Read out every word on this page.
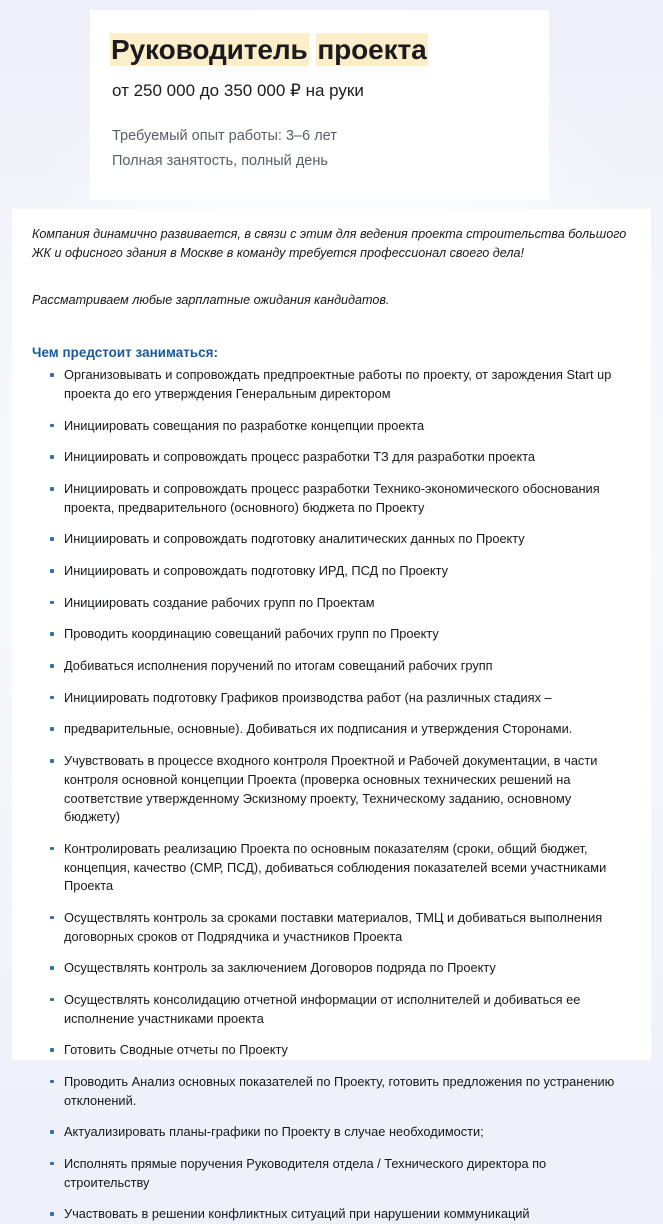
Руководитель проекта
от 250 000 до 350 000 ₽ на руки
Требуемый опыт работы: 3–6 лет
Полная занятость, полный день

Компания динамично развивается, в связи с этим для ведения проекта строительства большого ЖК и офисного здания в Москве в команду требуется профессионал своего дела!

Рассматриваем любые зарплатные ожидания кандидатов.

Чем предстоит заниматься:
Организовывать и сопровождать предпроектные работы по проекту, от зарождения Start up проекта до его утверждения Генеральным директором
Инициировать совещания по разработке концепции проекта
Инициировать и сопровождать процесс разработки ТЗ для разработки проекта
Инициировать и сопровождать процесс разработки Технико-экономического обоснования проекта, предварительного (основного) бюджета по Проекту
Инициировать и сопровождать подготовку аналитических данных по Проекту
Инициировать и сопровождать подготовку ИРД, ПСД по Проекту
Инициировать создание рабочих групп по Проектам
Проводить координацию совещаний рабочих групп по Проекту
Добиваться исполнения поручений по итогам совещаний рабочих групп
Инициировать подготовку Графиков производства работ (на различных стадиях –
предварительные, основные). Добиваться их подписания и утверждения Сторонами.
Учувствовать в процессе входного контроля Проектной и Рабочей документации, в части контроля основной концепции Проекта (проверка основных технических решений на соответствие утвержденному Эскизному проекту, Техническому заданию, основному бюджету)
Контролировать реализацию Проекта по основным показателям (сроки, общий бюджет, концепция, качество (СМР, ПСД), добиваться соблюдения показателей всеми участниками Проекта
Осуществлять контроль за сроками поставки материалов, ТМЦ и добиваться выполнения договорных сроков от Подрядчика и участников Проекта
Осуществлять контроль за заключением Договоров подряда по Проекту
Осуществлять консолидацию отчетной информации от исполнителей и добиваться ее исполнение участниками проекта
Готовить Сводные отчеты по Проекту
Проводить Анализ основных показателей по Проекту, готовить предложения по устранению отклонений.
Актуализировать планы-графики по Проекту в случае необходимости;
Исполнять прямые поручения Руководителя отдела / Технического директора по строительству
Участвовать в решении конфликтных ситуаций при нарушении коммуникаций
